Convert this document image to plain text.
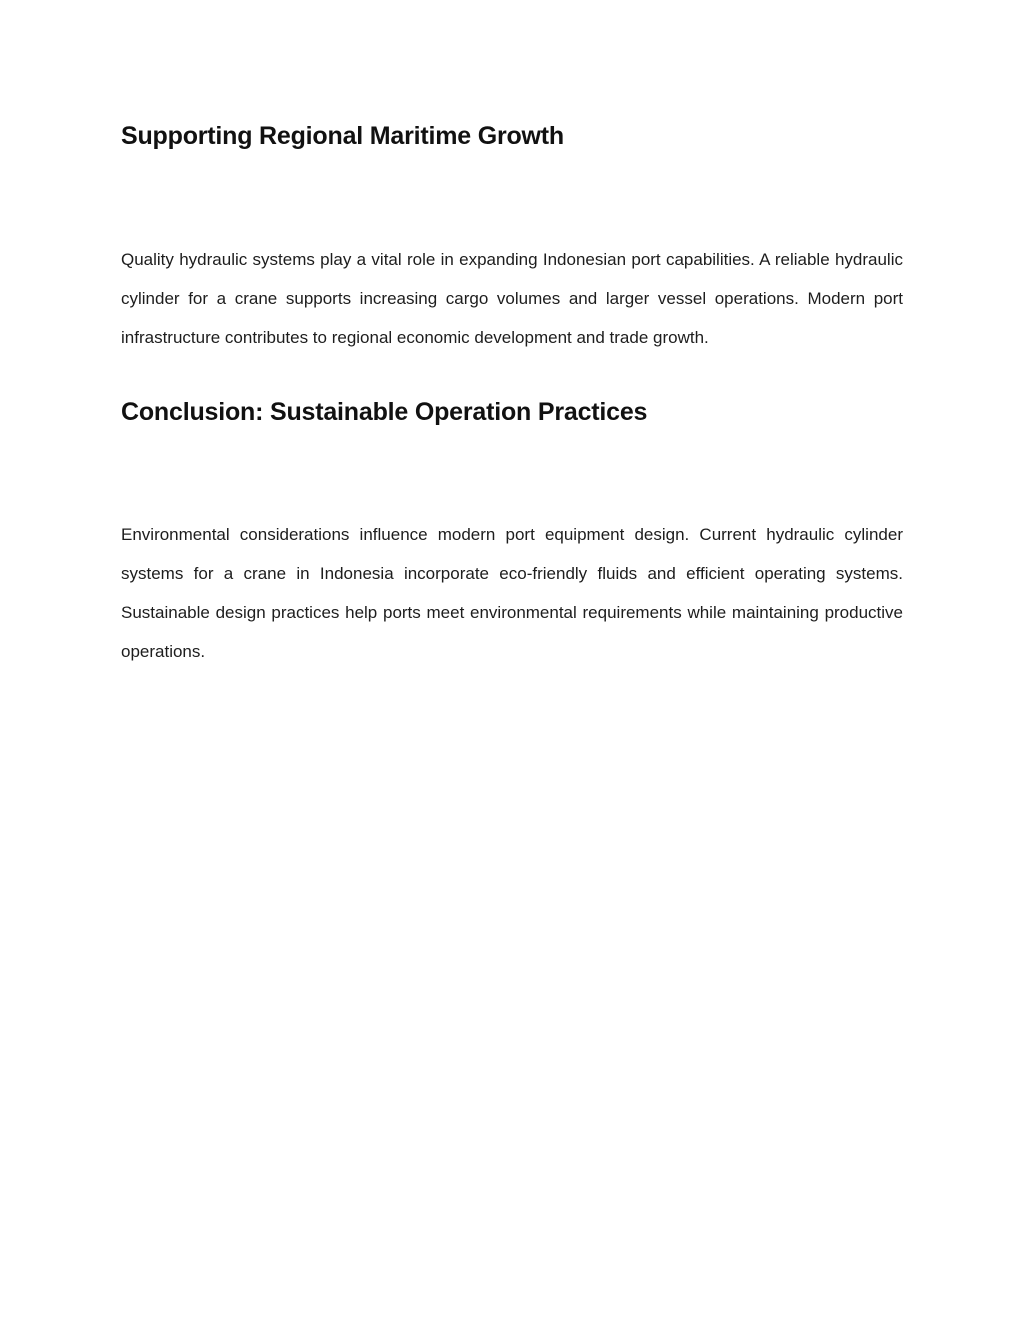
Supporting Regional Maritime Growth

Quality hydraulic systems play a vital role in expanding Indonesian port capabilities. A reliable hydraulic cylinder for a crane supports increasing cargo volumes and larger vessel operations. Modern port infrastructure contributes to regional economic development and trade growth.

Conclusion: Sustainable Operation Practices

Environmental considerations influence modern port equipment design. Current hydraulic cylinder systems for a crane in Indonesia incorporate eco-friendly fluids and efficient operating systems. Sustainable design practices help ports meet environmental requirements while maintaining productive operations.
